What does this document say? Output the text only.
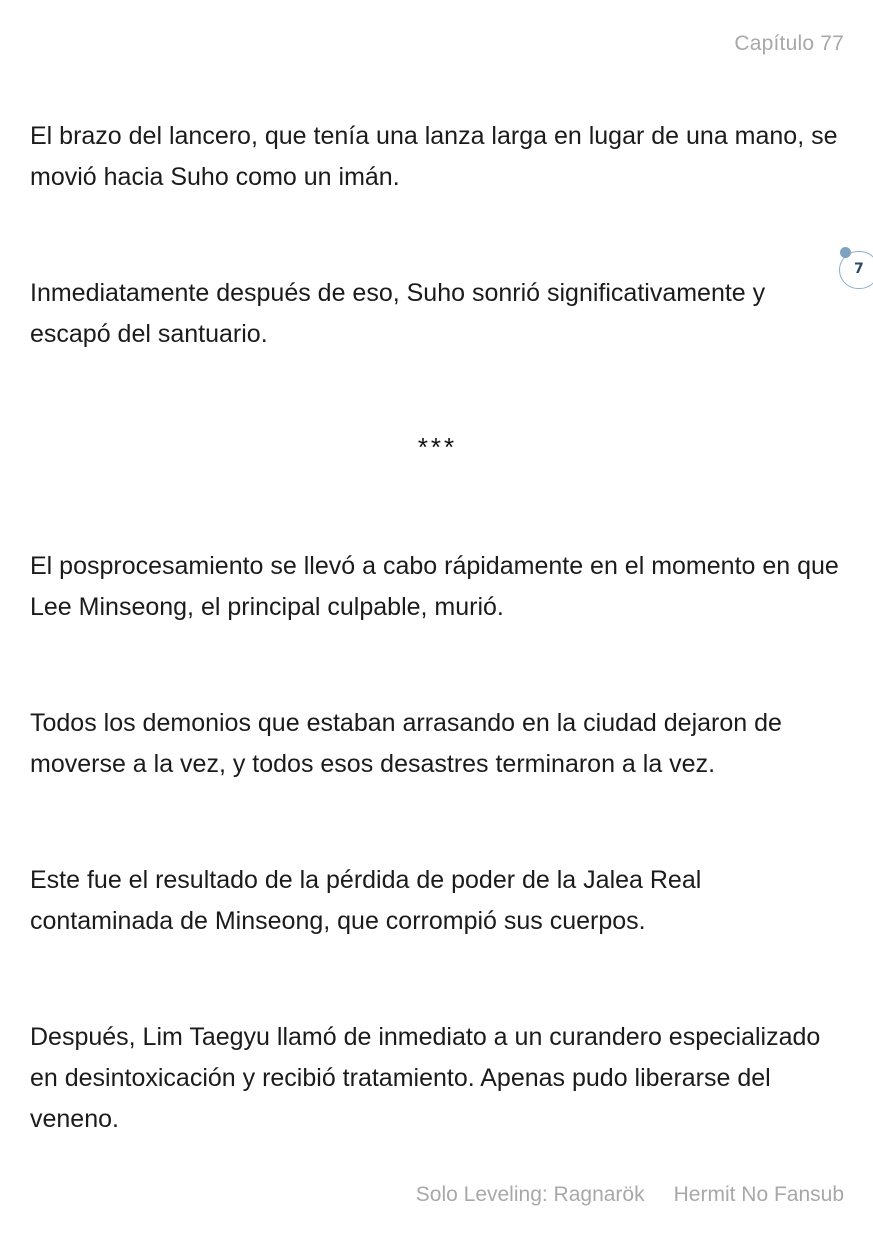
Capítulo 77

El brazo del lancero, que tenía una lanza larga en lugar de una mano, se movió hacia Suho como un imán.

Inmediatamente después de eso, Suho sonrió significativamente y escapó del santuario.

***

El posprocesamiento se llevó a cabo rápidamente en el momento en que Lee Minseong, el principal culpable, murió.

Todos los demonios que estaban arrasando en la ciudad dejaron de moverse a la vez, y todos esos desastres terminaron a la vez.

Este fue el resultado de la pérdida de poder de la Jalea Real contaminada de Minseong, que corrompió sus cuerpos.

Después, Lim Taegyu llamó de inmediato a un curandero especializado en desintoxicación y recibió tratamiento. Apenas pudo liberarse del veneno.

7
Solo Leveling: Ragnarök Hermit No Fansub
